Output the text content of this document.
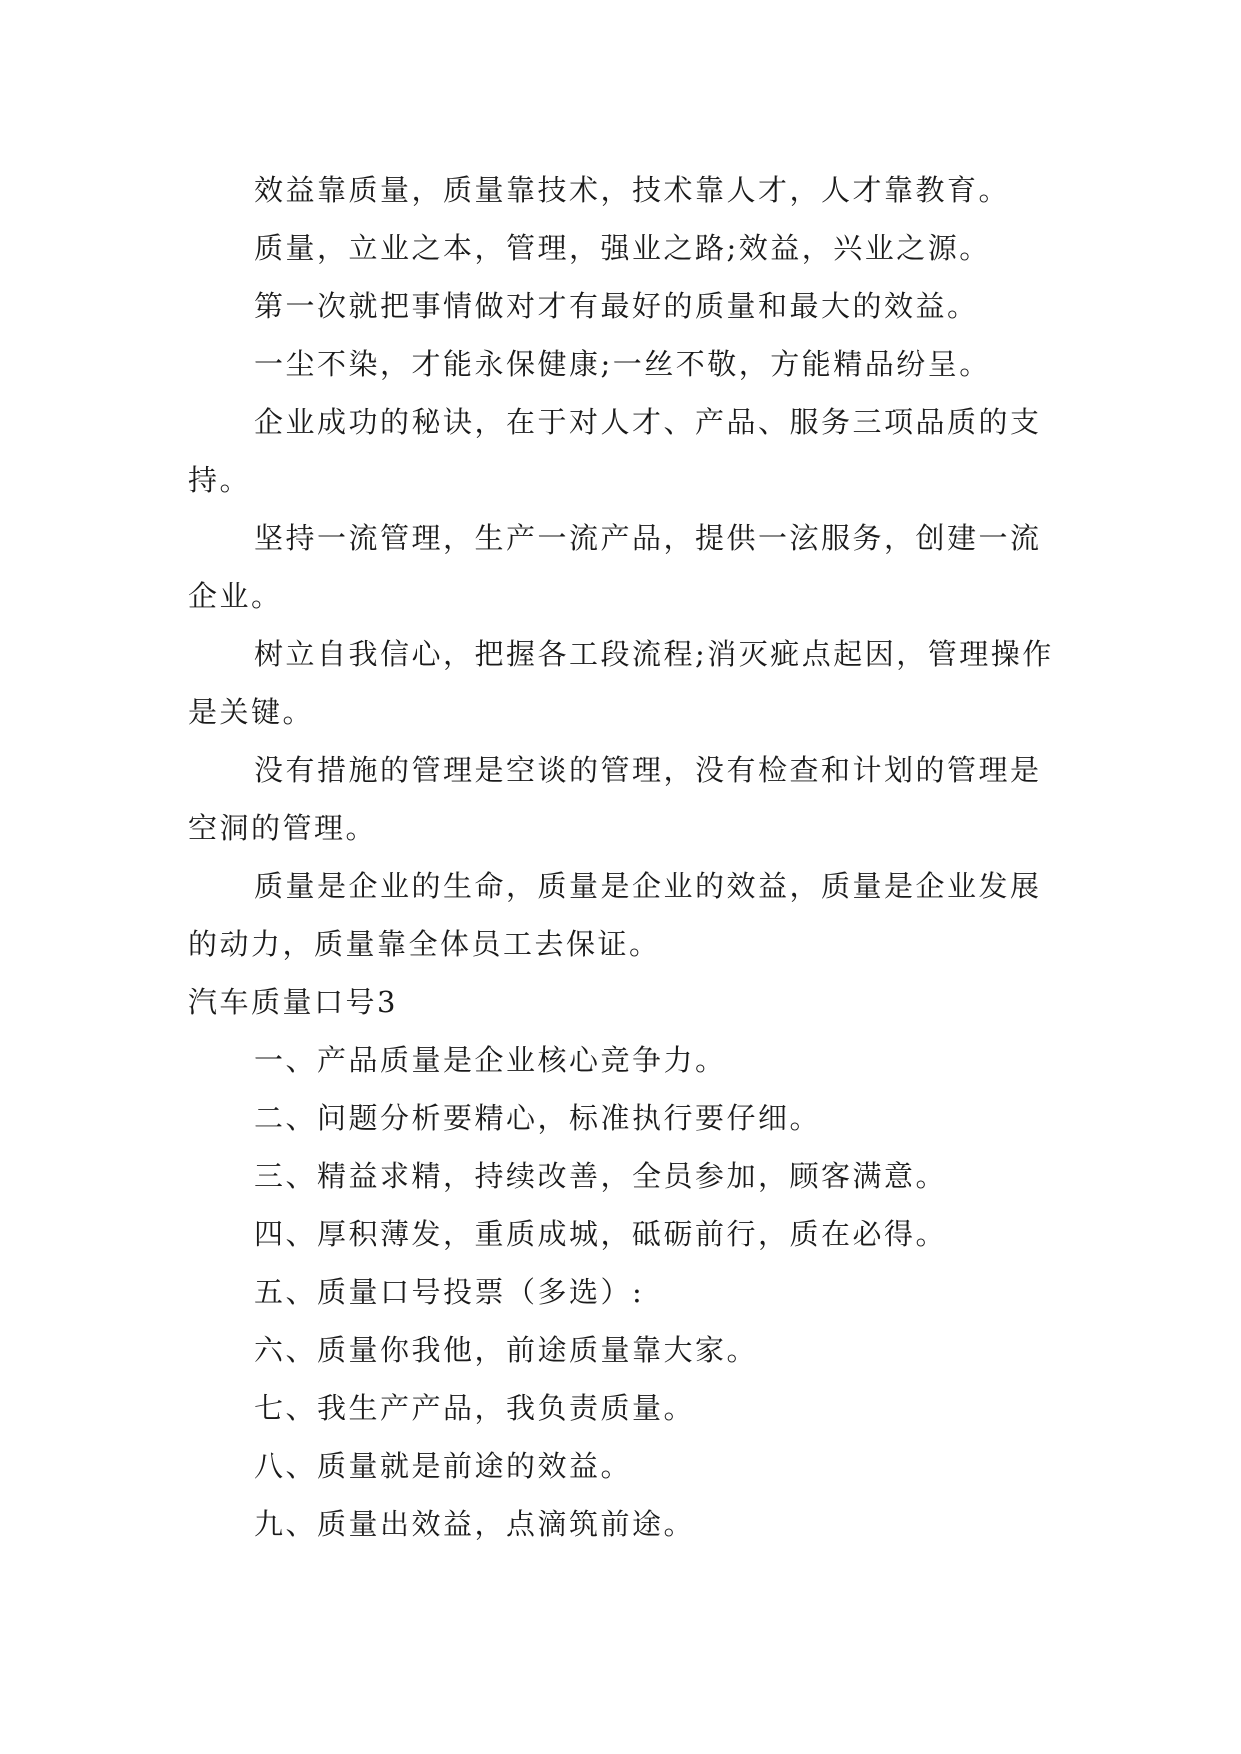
效益靠质量，质量靠技术，技术靠人才，人才靠教育。

质量，立业之本，管理，强业之路;效益，兴业之源。

第一次就把事情做对才有最好的质量和最大的效益。

一尘不染，才能永保健康;一丝不敬，方能精品纷呈。

企业成功的秘诀，在于对人才、产品、服务三项品质的支持。

坚持一流管理，生产一流产品，提供一泫服务，创建一流企业。

树立自我信心，把握各工段流程;消灭疵点起因，管理操作是关键。

没有措施的管理是空谈的管理，没有检查和计划的管理是空洞的管理。

质量是企业的生命，质量是企业的效益，质量是企业发展的动力，质量靠全体员工去保证。

汽车质量口号3

一、产品质量是企业核心竞争力。

二、问题分析要精心，标准执行要仔细。

三、精益求精，持续改善，全员参加，顾客满意。

四、厚积薄发，重质成城，砥砺前行，质在必得。

五、质量口号投票（多选）:

六、质量你我他，前途质量靠大家。

七、我生产产品，我负责质量。

八、质量就是前途的效益。

九、质量出效益，点滴筑前途。
